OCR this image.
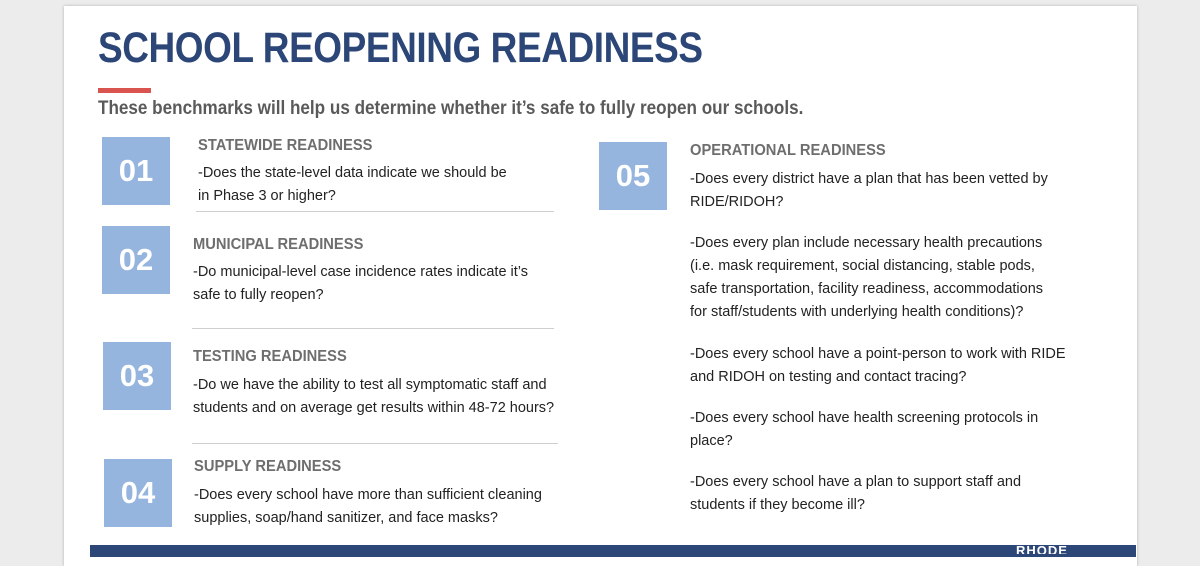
SCHOOL REOPENING READINESS

These benchmarks will help us determine whether it’s safe to fully reopen our schools.

01

STATEWIDE READINESS

-Does the state-level data indicate we should be
in Phase 3 or higher?

02	MUNICIPAL READINESS

-Do municipal-level case incidence rates indicate it’s
safe to fully reopen?

03

TESTING READINESS

-Do we have the ability to test all symptomatic staff and
students and on average get results within 48-72 hours?

04

SUPPLY READINESS

-Does every school have more than sufficient cleaning
supplies, soap/hand sanitizer, and face masks?

05

OPERATIONAL READINESS

-Does every district have a plan that has been vetted by
RIDE/RIDOH?

-Does every plan include necessary health precautions
(i.e. mask requirement, social distancing, stable pods,
safe transportation, facility readiness, accommodations
for staff/students with underlying health conditions)?

-Does every school have a point-person to work with RIDE
and RIDOH on testing and contact tracing?

-Does every school have health screening protocols in
place?

-Does every school have a plan to support staff and
students if they become ill?

RHODE
